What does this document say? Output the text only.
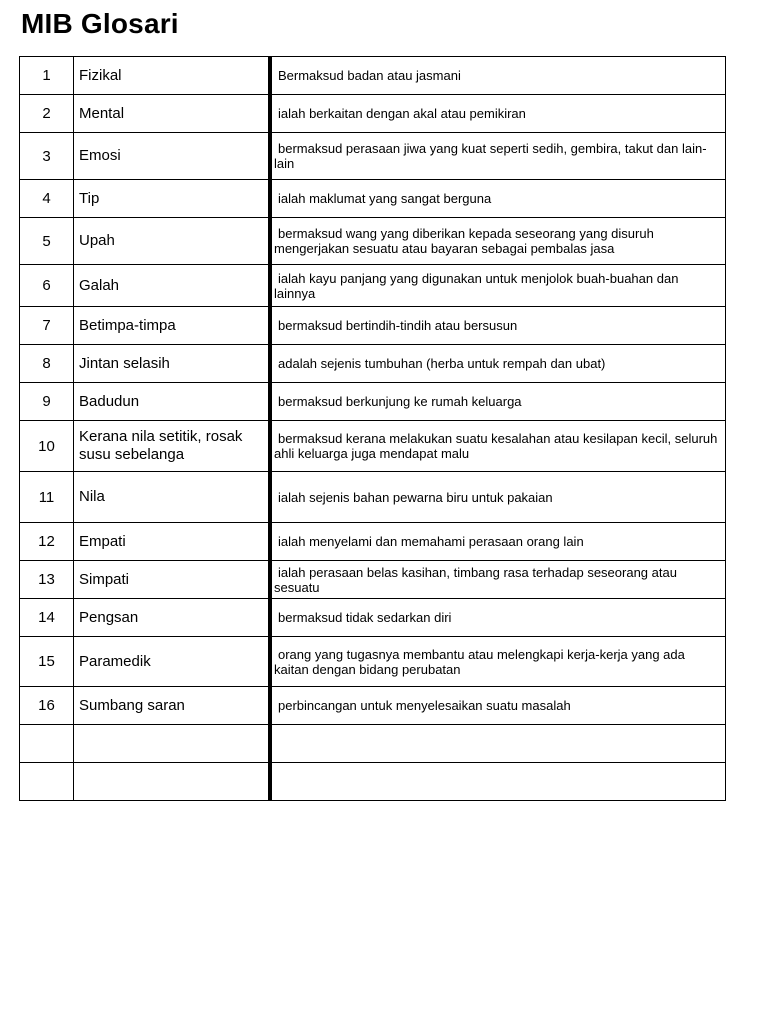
MIB Glosari
1	Fizikal	Bermaksud badan atau jasmani

2	Mental	ialah berkaitan dengan akal atau pemikiran

3	Emosi	bermaksud perasaan jiwa yang kuat seperti sedih, gembira, takut dan lain-lain

4	Tip	ialah maklumat yang sangat berguna

5	Upah	bermaksud wang yang diberikan kepada seseorang yang disuruh mengerjakan sesuatu atau bayaran sebagai pembalas jasa

6	Galah	ialah kayu panjang yang digunakan untuk menjolok buah-buahan dan lainnya

7	Betimpa-timpa	bermaksud bertindih-tindih atau bersusun

8	Jintan selasih	adalah sejenis tumbuhan (herba untuk rempah dan ubat)

9	Badudun	bermaksud berkunjung ke rumah keluarga

10	Kerana nila setitik, rosak susu sebelanga	bermaksud kerana melakukan suatu kesalahan atau kesilapan kecil, seluruh ahli keluarga juga mendapat malu

11	Nila	ialah sejenis bahan pewarna biru untuk pakaian

12	Empati	ialah menyelami dan memahami perasaan orang lain

13	Simpati	ialah perasaan belas kasihan, timbang rasa terhadap seseorang atau sesuatu

14	Pengsan	bermaksud tidak sedarkan diri

15	Paramedik	orang yang tugasnya membantu atau melengkapi kerja-kerja yang ada kaitan dengan bidang perubatan

16	Sumbang saran	perbincangan untuk menyelesaikan suatu masalah
